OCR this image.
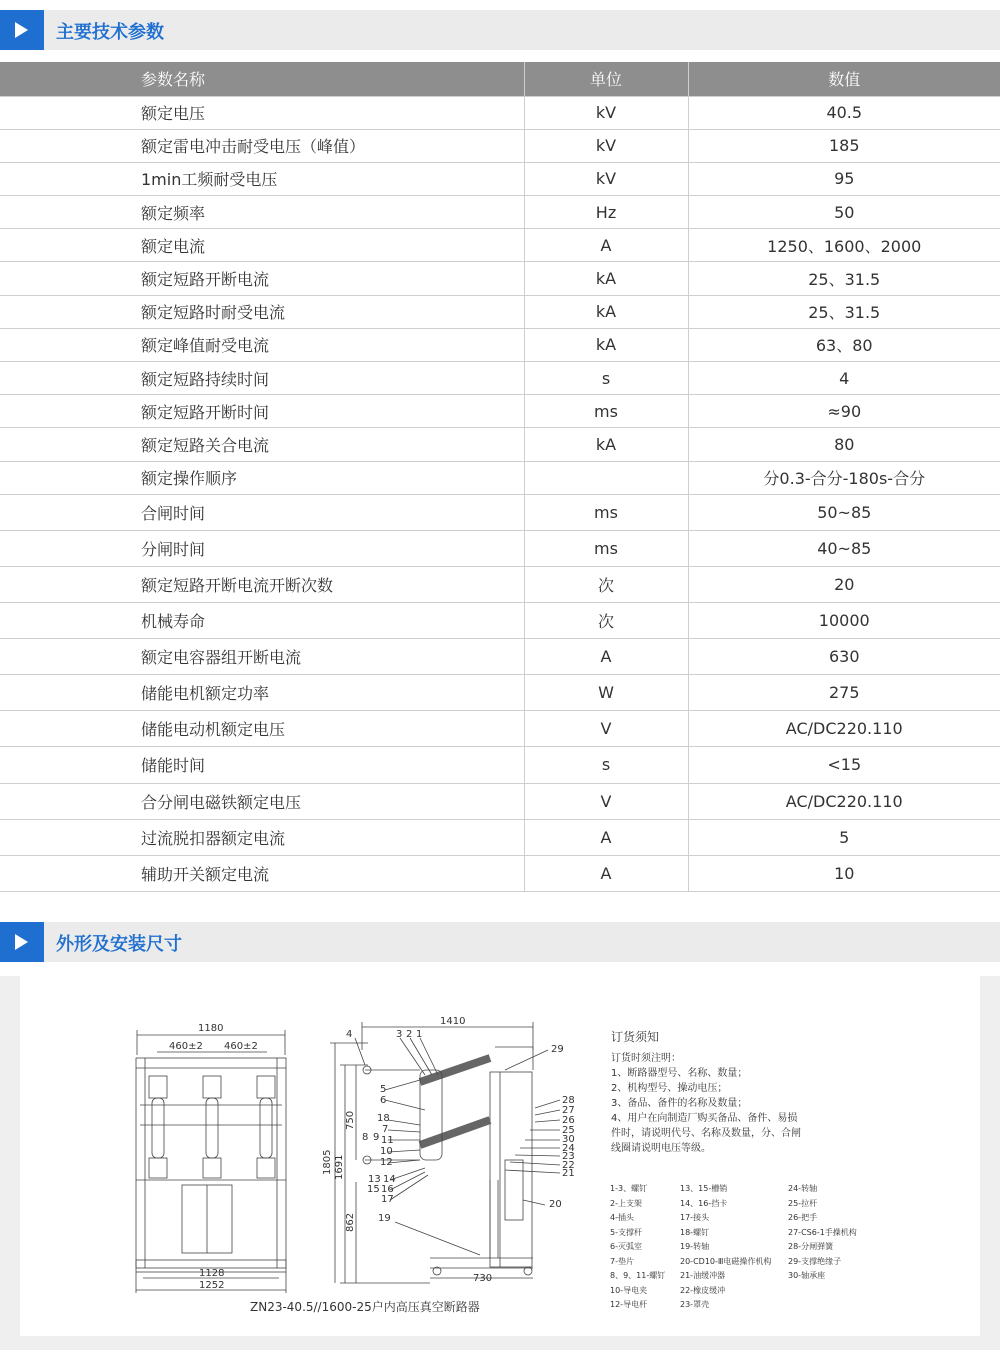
主要技术参数
参数名称	单位	数值
额定电压	kV	40.5
额定雷电冲击耐受电压（峰值）	kV	185
1min工频耐受电压	kV	95
额定频率	Hz	50
额定电流	A	1250、1600、2000
额定短路开断电流	kA	25、31.5
额定短路时耐受电流	kA	25、31.5
额定峰值耐受电流	kA	63、80
额定短路持续时间	s	4
额定短路开断时间	ms	≈90
额定短路关合电流	kA	80
额定操作顺序		分0.3-合分-180s-合分
合闸时间	ms	50~85
分闸时间	ms	40~85
额定短路开断电流开断次数	次	20
机械寿命	次	10000
额定电容器组开断电流	A	630
储能电机额定功率	W	275
储能电动机额定电压	V	AC/DC220.110
储能时间	s	<15
合分闸电磁铁额定电压	V	AC/DC220.110
过流脱扣器额定电流	A	5
辅助开关额定电流	A	10
外形及安装尺寸
1180
460±2 460±2
1128
1252
1410
730
1805 1691
750
862
4	3 2 1
5
6
18
7
8 9 11
10
12
13 14
15 16
17
19
29
28
27
26
25
30
24
23
22
21
20
ZN23-40.5//1600-25户内高压真空断路器
订货须知
订货时须注明：
1、断路器型号、名称、数量；
2、机构型号、操动电压；
3、备品、备件的名称及数量；
4、用户在向制造厂购买备品、备件、易损
件时，请说明代号、名称及数量，分、合闸
线圈请说明电压等级。
1-3、螺钉
2-上支架
4-插头
5-支撑杆
6-灭弧室
7-垫片
8、9、11-螺钉
10-导电夹
12-导电杆
13、15-槽销
14、16-挡卡
17-接头
18-螺钉
19-转轴
20-CD10-Ⅲ电磁操作机构
21-油缓冲器
22-橡皮缓冲
23-罩壳
24-转轴
25-拉杆
26-把手
27-CS6-1手操机构
28-分闸弹簧
29-支撑绝缘子
30-轴承座
